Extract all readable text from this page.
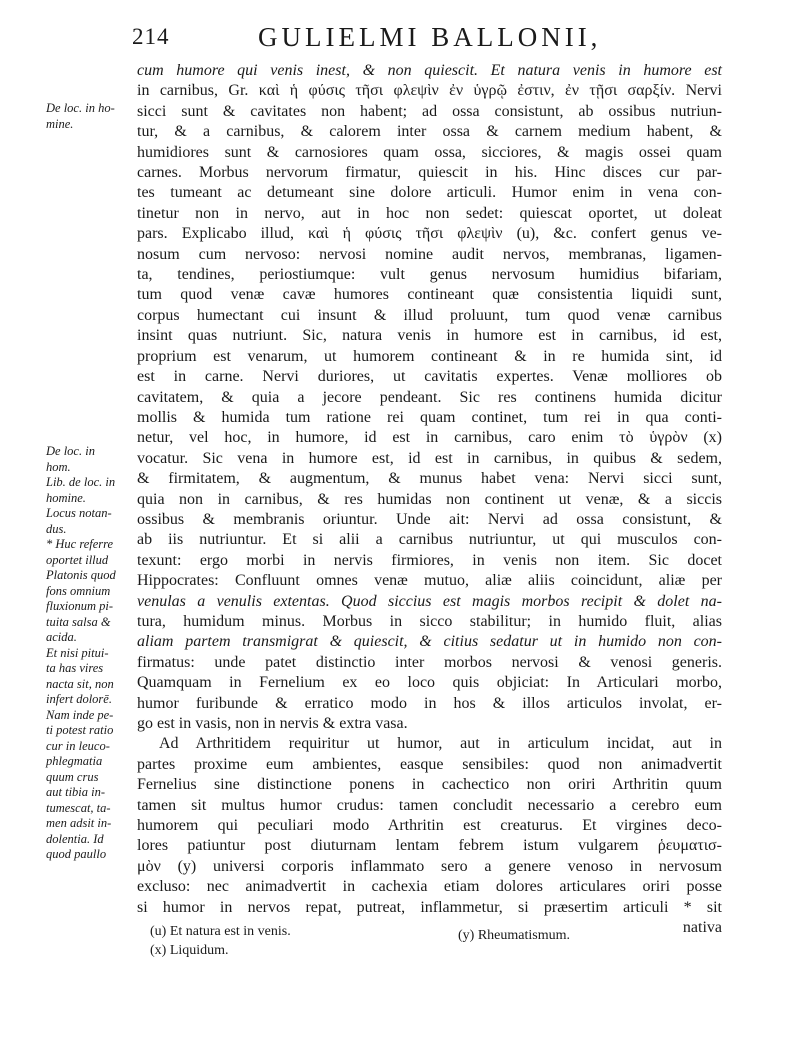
214	GULIELMI BALLONII,

De loc. in ho-
mine.

De loc. in
hom.
Lib. de loc. in
homine.
Locus notan-
dus.
* Huc referre
oportet illud
Platonis quod
fons omnium
fluxionum pi-
tuita salsa &
acida.
Et nisi pitui-
ta has vires
nacta sit, non
infert dolorē.
Nam inde pe-
ti potest ratio
cur in leuco-
phlegmatia
quum crus
aut tibia in-
tumescat, ta-
men adsit in-
dolentia. Id
quod paullo

cum humore qui venis inest, & non quiescit. Et natura venis in humore est

in carnibus, Gr. καὶ ἡ φύσις τῆσι φλεψὶν ἐν ὑγρῷ ἐστιν, ἐν τῇσι σαρξίν. Nervi

sicci sunt & cavitates non habent; ad ossa consistunt, ab ossibus nutriun-

tur, & a carnibus, & calorem inter ossa & carnem medium habent, &

humidiores sunt & carnosiores quam ossa, sicciores, & magis ossei quam

carnes. Morbus nervorum firmatur, quiescit in his. Hinc disces cur par-

tes tumeant ac detumeant sine dolore articuli. Humor enim in vena con-

tinetur non in nervo, aut in hoc non sedet: quiescat oportet, ut doleat

pars. Explicabo illud, καὶ ἡ φύσις τῆσι φλεψὶν (u), &c. confert genus ve-

nosum cum nervoso: nervosi nomine audit nervos, membranas, ligamen-

ta, tendines, periostiumque: vult genus nervosum humidius bifariam,

tum quod venæ cavæ humores contineant quæ consistentia liquidi sunt,

corpus humectant cui insunt & illud proluunt, tum quod venæ carnibus

insint quas nutriunt. Sic, natura venis in humore est in carnibus, id est,

proprium est venarum, ut humorem contineant & in re humida sint, id

est in carne. Nervi duriores, ut cavitatis expertes. Venæ molliores ob

cavitatem, & quia a jecore pendeant. Sic res continens humida dicitur

mollis & humida tum ratione rei quam continet, tum rei in qua conti-

netur, vel hoc, in humore, id est in carnibus, caro enim τὸ ὑγρὸν (x)

vocatur. Sic vena in humore est, id est in carnibus, in quibus & sedem,

& firmitatem, & augmentum, & munus habet vena: Nervi sicci sunt,

quia non in carnibus, & res humidas non continent ut venæ, & a siccis

ossibus & membranis oriuntur. Unde ait: Nervi ad ossa consistunt, &

ab iis nutriuntur. Et si alii a carnibus nutriuntur, ut qui musculos con-

texunt: ergo morbi in nervis firmiores, in venis non item. Sic docet

Hippocrates: Confluunt omnes venæ mutuo, aliæ aliis coincidunt, aliæ per

venulas a venulis extentas. Quod siccius est magis morbos recipit & dolet na-

tura, humidum minus. Morbus in sicco stabilitur; in humido fluit, alias

aliam partem transmigrat & quiescit, & citius sedatur ut in humido non con-

firmatus: unde patet distinctio inter morbos nervosi & venosi generis.

Quamquam in Fernelium ex eo loco quis objiciat: In Articulari morbo,

humor furibunde & erratico modo in hos & illos articulos involat, er-

go est in vasis, non in nervis & extra vasa.

Ad Arthritidem requiritur ut humor, aut in articulum incidat, aut in

partes proxime eum ambientes, easque sensibiles: quod non animadvertit

Fernelius sine distinctione ponens in cachectico non oriri Arthritin quum

tamen sit multus humor crudus: tamen concludit necessario a cerebro eum

humorem qui peculiari modo Arthritin est creaturus. Et virgines deco-

lores patiuntur post diuturnam lentam febrem istum vulgarem ῥευματισ-

μὸν (y) universi corporis inflammato sero a genere venoso in nervosum

excluso: nec animadvertit in cachexia etiam dolores articulares oriri posse

si humor in nervos repat, putreat, inflammetur, si præsertim articuli * sit

nativa

(u) Et natura est in venis.

(x) Liquidum.

(y) Rheumatismum.
